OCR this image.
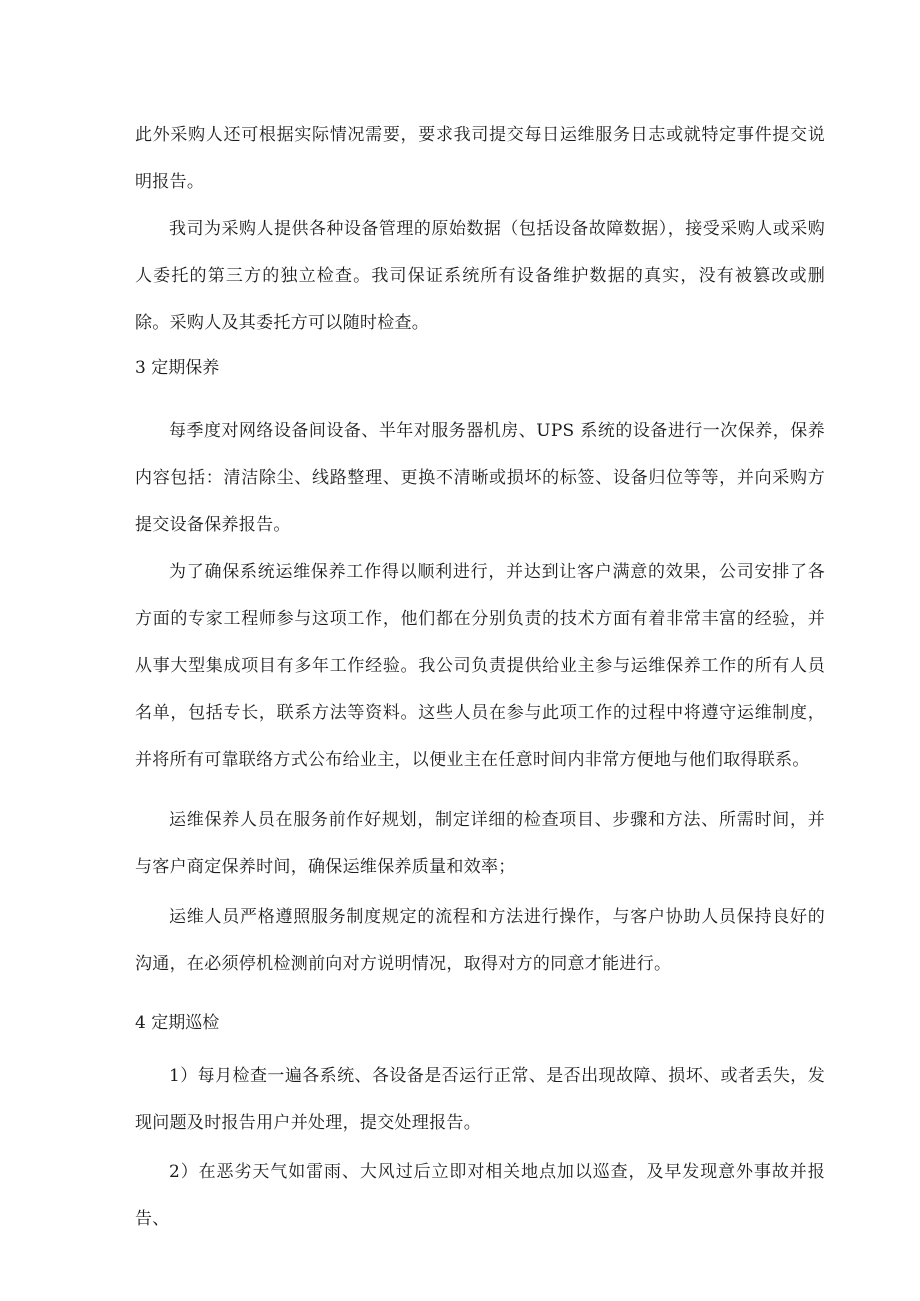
此外采购人还可根据实际情况需要，要求我司提交每日运维服务日志或就特定事件提交说明报告。

我司为采购人提供各种设备管理的原始数据（包括设备故障数据），接受采购人或采购人委托的第三方的独立检查。我司保证系统所有设备维护数据的真实，没有被篡改或删除。采购人及其委托方可以随时检查。

3 定期保养

每季度对网络设备间设备、半年对服务器机房、UPS 系统的设备进行一次保养，保养内容包括：清洁除尘、线路整理、更换不清晰或损坏的标签、设备归位等等，并向采购方提交设备保养报告。

为了确保系统运维保养工作得以顺利进行，并达到让客户满意的效果，公司安排了各方面的专家工程师参与这项工作，他们都在分别负责的技术方面有着非常丰富的经验，并从事大型集成项目有多年工作经验。我公司负责提供给业主参与运维保养工作的所有人员名单，包括专长，联系方法等资料。这些人员在参与此项工作的过程中将遵守运维制度，并将所有可靠联络方式公布给业主，以便业主在任意时间内非常方便地与他们取得联系。

运维保养人员在服务前作好规划，制定详细的检查项目、步骤和方法、所需时间，并与客户商定保养时间，确保运维保养质量和效率；

运维人员严格遵照服务制度规定的流程和方法进行操作，与客户协助人员保持良好的沟通，在必须停机检测前向对方说明情况，取得对方的同意才能进行。

4 定期巡检

1）每月检查一遍各系统、各设备是否运行正常、是否出现故障、损坏、或者丢失，发现问题及时报告用户并处理，提交处理报告。

2）在恶劣天气如雷雨、大风过后立即对相关地点加以巡查，及早发现意外事故并报告、
